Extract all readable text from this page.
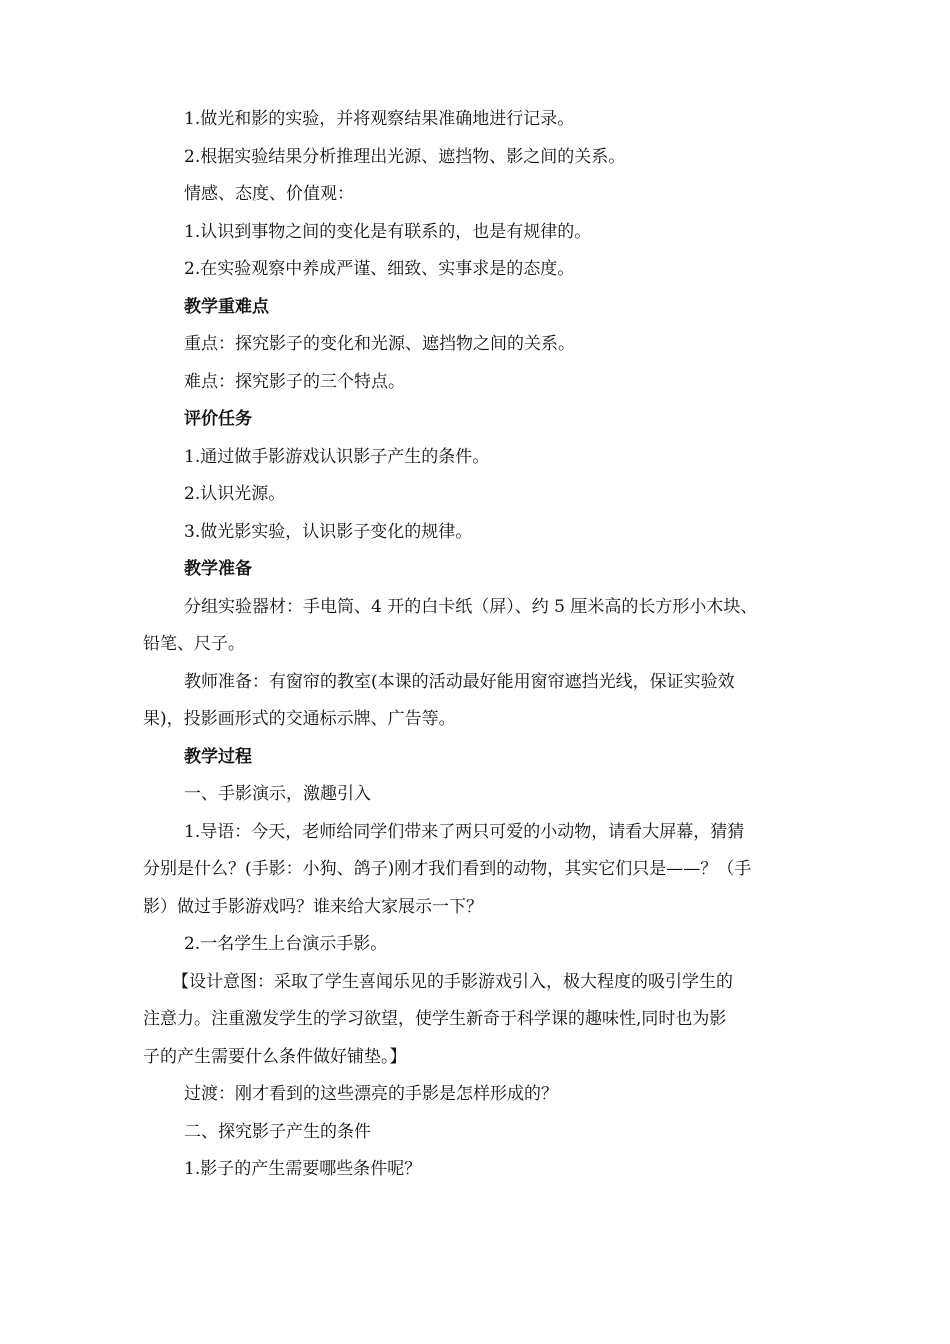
1.做光和影的实验，并将观察结果准确地进行记录。

2.根据实验结果分析推理出光源、遮挡物、影之间的关系。

情感、态度、价值观：

1.认识到事物之间的变化是有联系的，也是有规律的。

2.在实验观察中养成严谨、细致、实事求是的态度。

教学重难点

重点：探究影子的变化和光源、遮挡物之间的关系。

难点：探究影子的三个特点。

评价任务

1.通过做手影游戏认识影子产生的条件。

2.认识光源。

3.做光影实验，认识影子变化的规律。

教学准备

分组实验器材：手电筒、4 开的白卡纸（屏）、约 5 厘米高的长方形小木块、

铅笔、尺子。

教师准备：有窗帘的教室(本课的活动最好能用窗帘遮挡光线，保证实验效

果)，投影画形式的交通标示牌、广告等。

教学过程

一、手影演示，激趣引入

1.导语：今天，老师给同学们带来了两只可爱的小动物，请看大屏幕，猜猜

分别是什么？(手影：小狗、鸽子)刚才我们看到的动物，其实它们只是——？（手

影）做过手影游戏吗？谁来给大家展示一下？

2.一名学生上台演示手影。

【设计意图：采取了学生喜闻乐见的手影游戏引入，极大程度的吸引学生的

注意力。注重激发学生的学习欲望，使学生新奇于科学课的趣味性,同时也为影

子的产生需要什么条件做好铺垫。】

过渡：刚才看到的这些漂亮的手影是怎样形成的？

二、探究影子产生的条件

1.影子的产生需要哪些条件呢？
